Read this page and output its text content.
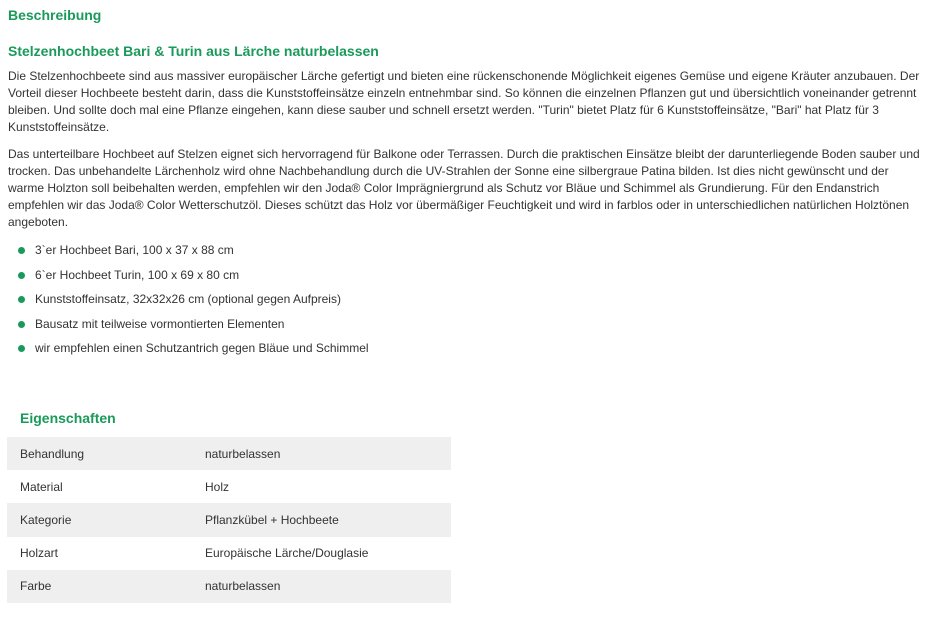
Beschreibung
Stelzenhochbeet Bari & Turin aus Lärche naturbelassen

Die Stelzenhochbeete sind aus massiver europäischer Lärche gefertigt und bieten eine rückenschonende Möglichkeit eigenes Gemüse und eigene Kräuter anzubauen. Der Vorteil dieser Hochbeete besteht darin, dass die Kunststoffeinsätze einzeln entnehmbar sind. So können die einzelnen Pflanzen gut und übersichtlich voneinander getrennt bleiben. Und sollte doch mal eine Pflanze eingehen, kann diese sauber und schnell ersetzt werden. "Turin" bietet Platz für 6 Kunststoffeinsätze, "Bari" hat Platz für 3 Kunststoffeinsätze.

Das unterteilbare Hochbeet auf Stelzen eignet sich hervorragend für Balkone oder Terrassen. Durch die praktischen Einsätze bleibt der darunterliegende Boden sauber und trocken. Das unbehandelte Lärchenholz wird ohne Nachbehandlung durch die UV-Strahlen der Sonne eine silbergraue Patina bilden. Ist dies nicht gewünscht und der warme Holzton soll beibehalten werden, empfehlen wir den Joda® Color Imprägniergrund als Schutz vor Bläue und Schimmel als Grundierung. Für den Endanstrich empfehlen wir das Joda® Color Wetterschutzöl. Dieses schützt das Holz vor übermäßiger Feuchtigkeit und wird in farblos oder in unterschiedlichen natürlichen Holztönen angeboten.

3`er Hochbeet Bari, 100 x 37 x 88 cm
6`er Hochbeet Turin, 100 x 69 x 80 cm
Kunststoffeinsatz, 32x32x26 cm (optional gegen Aufpreis)
Bausatz mit teilweise vormontierten Elementen
wir empfehlen einen Schutzantrich gegen Bläue und Schimmel
Eigenschaften
Behandlung	naturbelassen
Material	Holz
Kategorie	Pflanzkübel + Hochbeete
Holzart	Europäische Lärche/Douglasie
Farbe	naturbelassen
